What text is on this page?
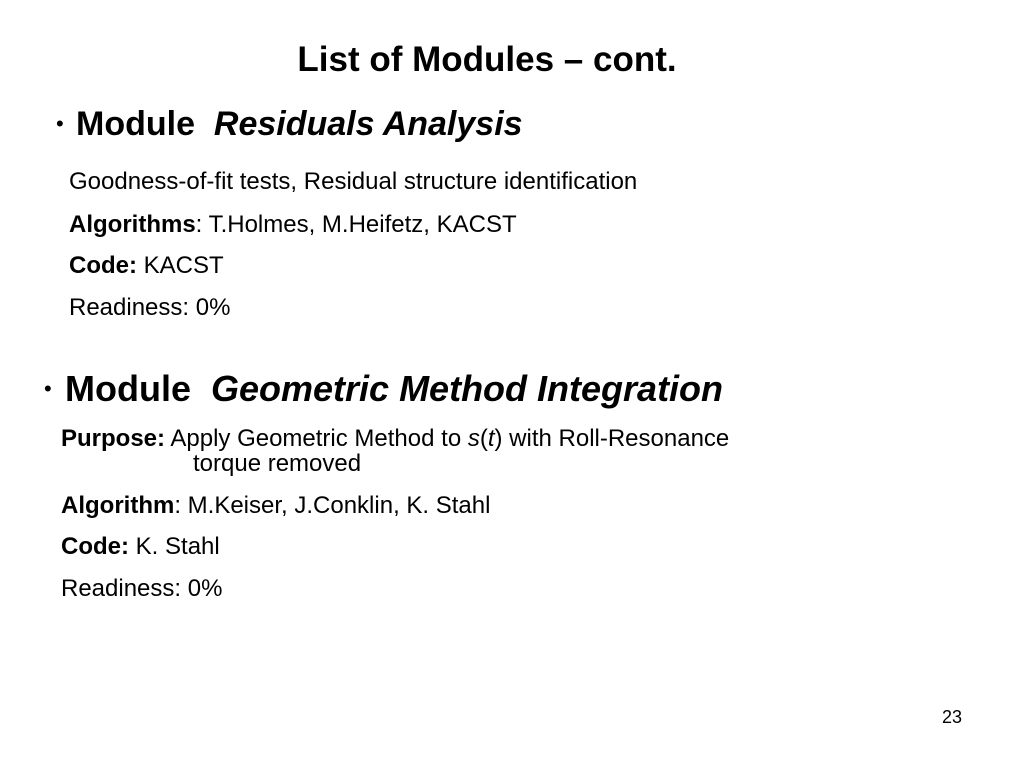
List of Modules – cont.
• Module Residuals Analysis
Goodness-of-fit tests, Residual structure identification
Algorithms: T.Holmes, M.Heifetz, KACST
Code: KACST
Readiness: 0%
• Module Geometric Method Integration
Purpose: Apply Geometric Method to s(t) with Roll-Resonance
torque removed
Algorithm: M.Keiser, J.Conklin, K. Stahl
Code: K. Stahl
Readiness: 0%
23
